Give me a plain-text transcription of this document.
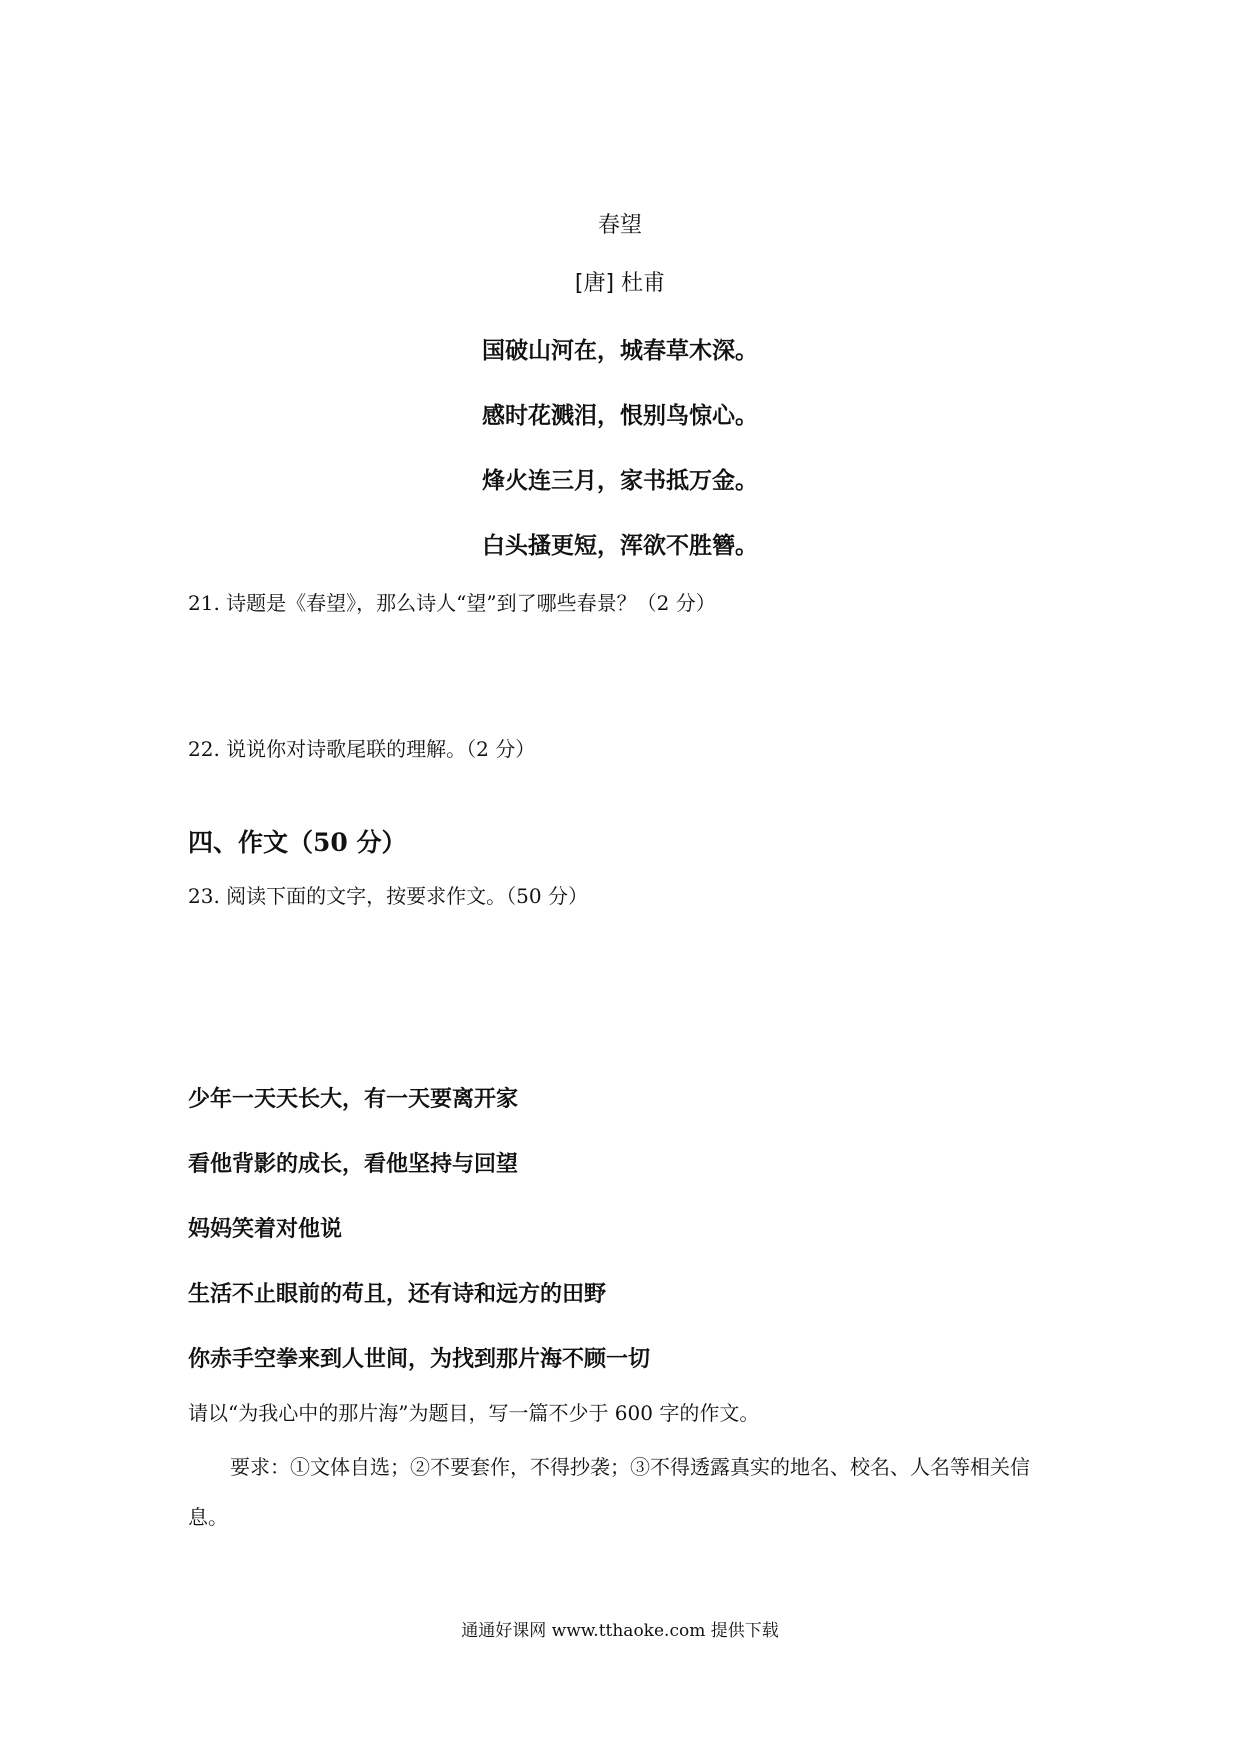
春望
[唐] 杜甫
国破山河在，城春草木深。
感时花溅泪，恨别鸟惊心。
烽火连三月，家书抵万金。
白头搔更短，浑欲不胜簪。
21. 诗题是《春望》，那么诗人“望”到了哪些春景？（2 分）
22. 说说你对诗歌尾联的理解。（2 分）
四、作文（50 分）
23. 阅读下面的文字，按要求作文。（50 分）
少年一天天长大，有一天要离开家
看他背影的成长，看他坚持与回望
妈妈笑着对他说
生活不止眼前的苟且，还有诗和远方的田野
你赤手空拳来到人世间，为找到那片海不顾一切
请以“为我心中的那片海”为题目，写一篇不少于 600 字的作文。
要求：①文体自选；②不要套作，不得抄袭；③不得透露真实的地名、校名、人名等相关信息。
通通好课网 www.tthaoke.com 提供下载
